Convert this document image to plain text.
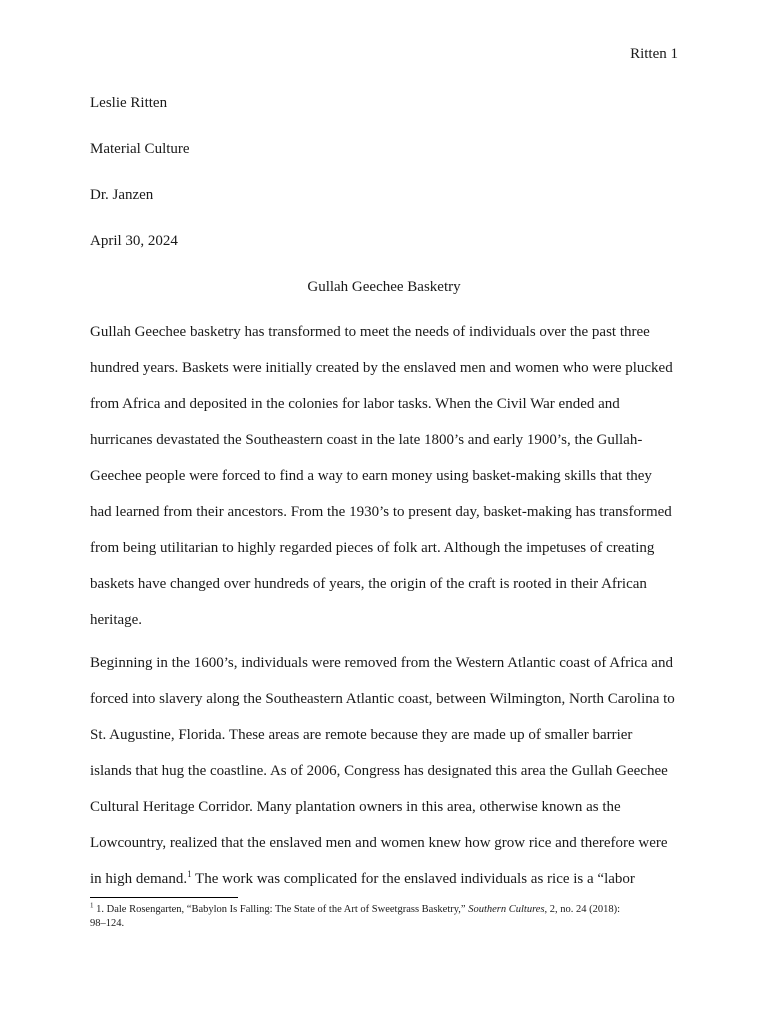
Ritten 1
Leslie Ritten
Material Culture
Dr. Janzen
April 30, 2024
Gullah Geechee Basketry
Gullah Geechee basketry has transformed to meet the needs of individuals over the past three
hundred years. Baskets were initially created by the enslaved men and women who were plucked
from Africa and deposited in the colonies for labor tasks. When the Civil War ended and
hurricanes devastated the Southeastern coast in the late 1800’s and early 1900’s, the Gullah-
Geechee people were forced to find a way to earn money using basket-making skills that they
had learned from their ancestors. From the 1930’s to present day, basket-making has transformed
from being utilitarian to highly regarded pieces of folk art. Although the impetuses of creating
baskets have changed over hundreds of years, the origin of the craft is rooted in their African
heritage.
Beginning in the 1600’s, individuals were removed from the Western Atlantic coast of Africa and
forced into slavery along the Southeastern Atlantic coast, between Wilmington, North Carolina to
St. Augustine, Florida. These areas are remote because they are made up of smaller barrier
islands that hug the coastline. As of 2006, Congress has designated this area the Gullah Geechee
Cultural Heritage Corridor. Many plantation owners in this area, otherwise known as the
Lowcountry, realized that the enslaved men and women knew how grow rice and therefore were
in high demand.$^1$ The work was complicated for the enslaved individuals as rice is a “labor
$^1$ 1. Dale Rosengarten, “Babylon Is Falling: The State of the Art of Sweetgrass Basketry,” Southern Cultures, 2, no. 24 (2018):
98–124.
